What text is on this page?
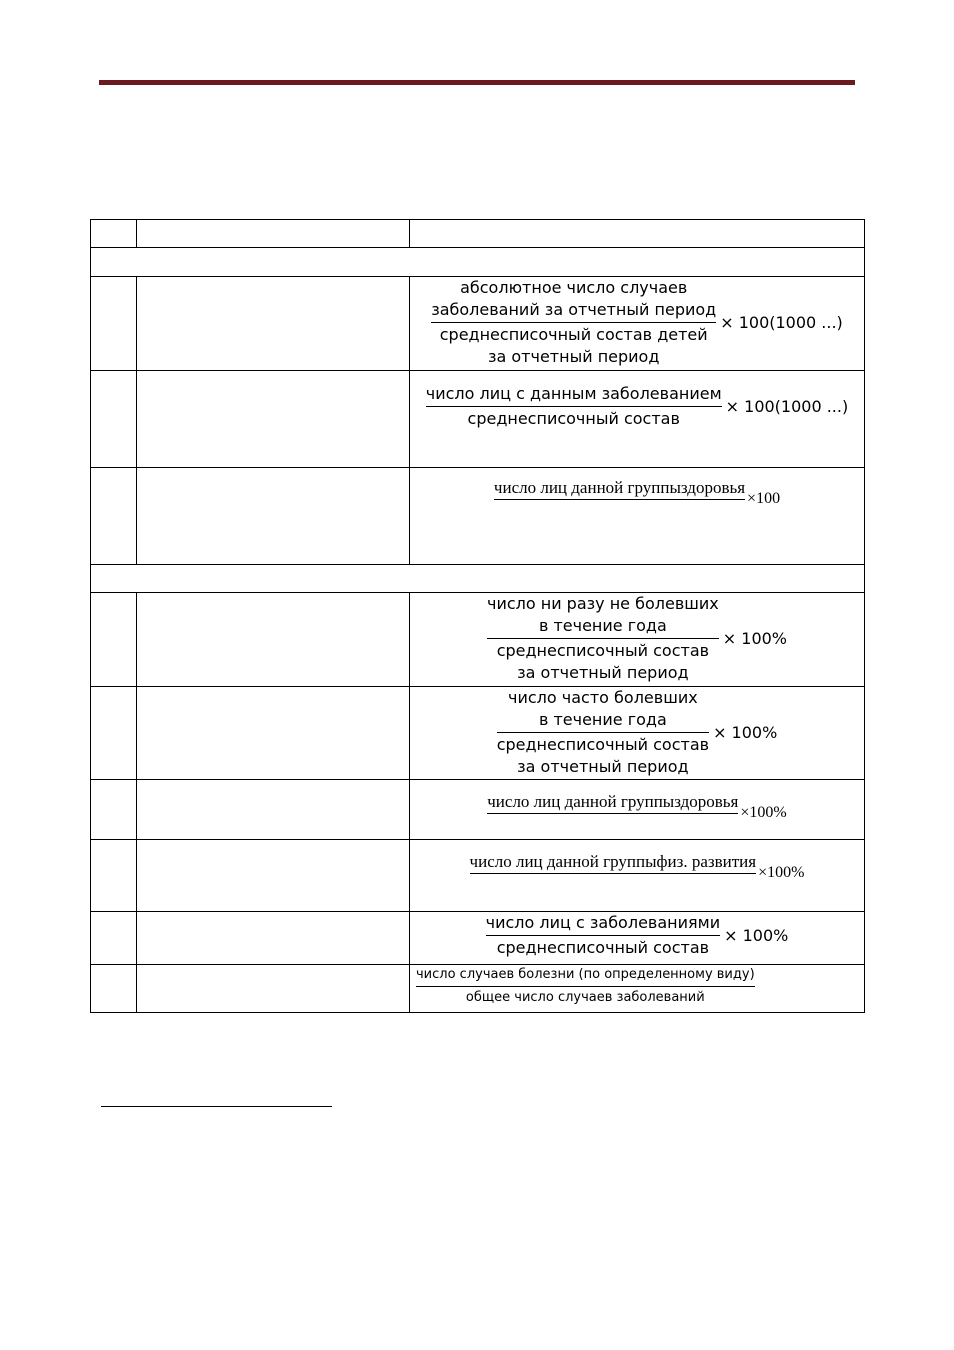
		абсолютное число случаев
заболеваний за отчетный период
среднесписочный состав детей
за отчетный период
× 100(1000 ...)

		$\frac{\text{число лиц с данным заболеванием}}{\text{среднесписочный состав}} \times 100(1000$ ...)

		число лиц данной группыздоровья
×100

		число ни разу не болевших
в течение года
среднесписочный состав
за отчетный период
× 100%

		число часто болевших
в течение года
среднесписочный состав
за отчетный период
× 100%

		число лиц данной группыздоровья
×100%

		число лиц данной группыфиз. развития
×100%

		$\frac{\text{число лиц с заболеваниями}}{\text{среднесписочный состав}} \times 100\%$

		$\frac{\text{число случаев болезни (по определенному виду)}}{\text{общее число случаев заболеваний}}$
